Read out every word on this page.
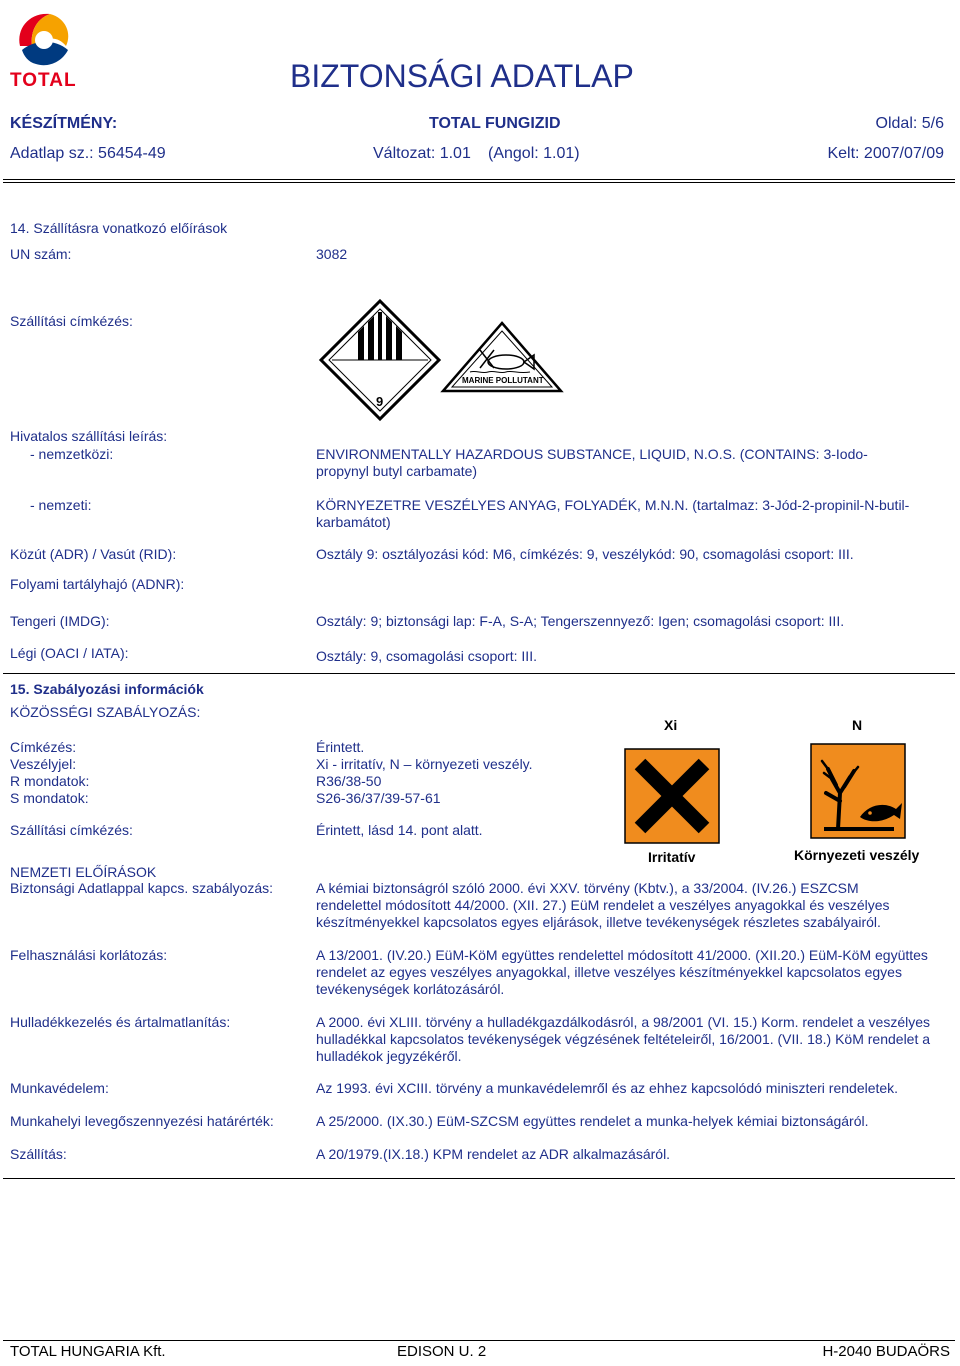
TOTAL	BIZTONSÁGI ADATLAP
KÉSZÍTMÉNY:	TOTAL FUNGIZID	Oldal: 5/6
Adatlap sz.: 56454-49	Változat: 1.01 (Angol: 1.01)	Kelt: 2007/07/09
14. Szállításra vonatkozó előírások
UN szám:	3082
Szállítási címkézés:
9
MARINE POLLUTANT
Hivatalos szállítási leírás:
- nemzetközi:	ENVIRONMENTALLY HAZARDOUS SUBSTANCE, LIQUID, N.O.S. (CONTAINS: 3-Iodo-propynyl butyl carbamate)
- nemzeti:	KÖRNYEZETRE VESZÉLYES ANYAG, FOLYADÉK, M.N.N. (tartalmaz: 3-Jód-2-propinil-N-butil-karbamátot)
Közút (ADR) / Vasút (RID):	Osztály 9: osztályozási kód: M6, címkézés: 9, veszélykód: 90, csomagolási csoport: III.
Folyami tartályhajó (ADNR):
Tengeri (IMDG):	Osztály: 9; biztonsági lap: F-A, S-A; Tengerszennyező: Igen; csomagolási csoport: III.
Légi (OACI / IATA):	Osztály: 9, csomagolási csoport: III.
15. Szabályozási információk
KÖZÖSSÉGI SZABÁLYOZÁS:
Címkézés:	Érintett.
Veszélyjel:	Xi - irritatív, N – környezeti veszély.
R mondatok:	R36/38-50
S mondatok:	S26-36/37/39-57-61
Szállítási címkézés:	Érintett, lásd 14. pont alatt.
Xi	N
Irritatív	Környezeti veszély
NEMZETI ELŐÍRÁSOK
Biztonsági Adatlappal kapcs. szabályozás:	A kémiai biztonságról szóló 2000. évi XXV. törvény (Kbtv.), a 33/2004. (IV.26.) ESZCSM rendelettel módosított 44/2000. (XII. 27.) EüM rendelet a veszélyes anyagokkal és veszélyes készítményekkel kapcsolatos egyes eljárások, illetve tevékenységek részletes szabályairól.
Felhasználási korlátozás:	A 13/2001. (IV.20.) EüM-KöM együttes rendelettel módosított 41/2000. (XII.20.) EüM-KöM együttes rendelet az egyes veszélyes anyagokkal, illetve veszélyes készítményekkel kapcsolatos egyes tevékenységek korlátozásáról.
Hulladékkezelés és ártalmatlanítás:	A 2000. évi XLIII. törvény a hulladékgazdálkodásról, a 98/2001 (VI. 15.) Korm. rendelet a veszélyes hulladékkal kapcsolatos tevékenységek végzésének feltételeiről, 16/2001. (VII. 18.) KöM rendelet a hulladékok jegyzékéről.
Munkavédelem:	Az 1993. évi XCIII. törvény a munkavédelemről és az ehhez kapcsolódó miniszteri rendeletek.
Munkahelyi levegőszennyezési határérték:	A 25/2000. (IX.30.) EüM-SZCSM együttes rendelet a munka-helyek kémiai biztonságáról.
Szállítás:	A 20/1979.(IX.18.) KPM rendelet az ADR alkalmazásáról.
TOTAL HUNGARIA Kft.	EDISON U. 2	H-2040 BUDAÖRS
